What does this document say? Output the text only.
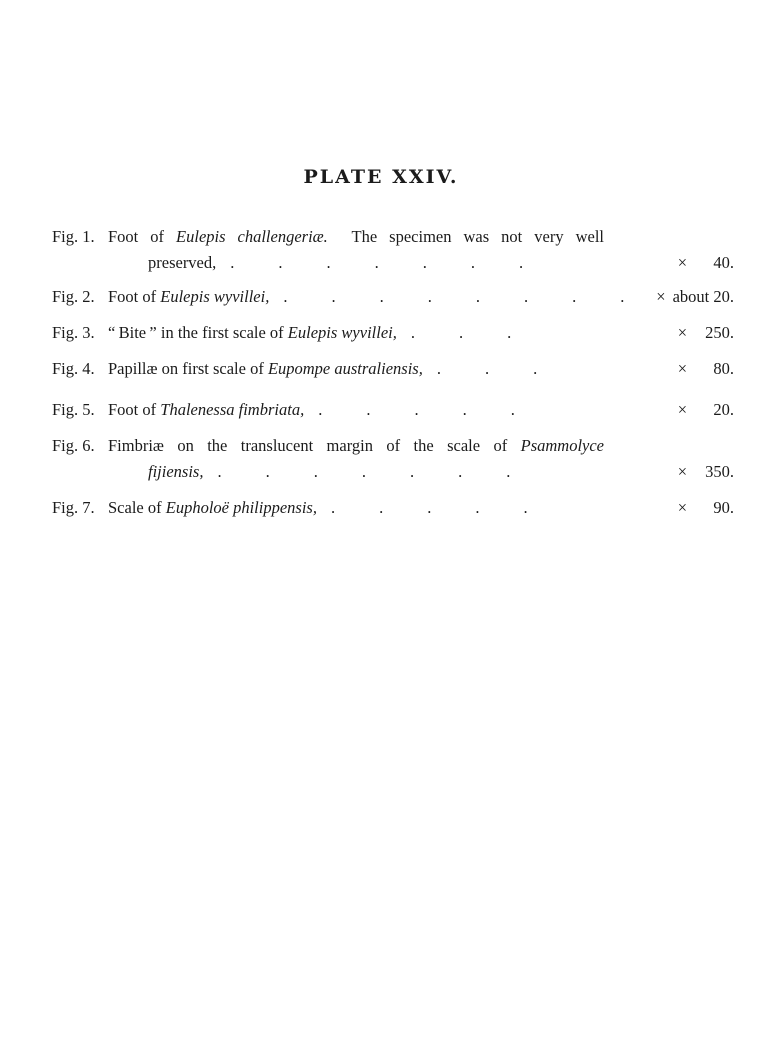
PLATE XXIV.
Fig. 1. Foot of Eulepis challengeriæ.  The specimen was not very well
preserved, .	.	.	.	.	.	.	×	40.
Fig. 2. Foot of Eulepis wyvillei, .	.	.	.	.	.	.	. × about 20.
Fig. 3. “ Bite ” in the first scale of Eulepis wyvillei, .	.	.	×	250.
Fig. 4. Papillæ on first scale of Eupompe australiensis, .	.	.	×	80.
Fig. 5. Foot of Thalenessa fimbriata, .	.	.	.	.	×	20.
Fig. 6. Fimbriæ on the translucent margin of the scale of Psammolyce
fijiensis, .	.	.	.	.	.	.	×	350.
Fig. 7. Scale of Eupholoë philippensis, .	.	.	.	.	×	90.
